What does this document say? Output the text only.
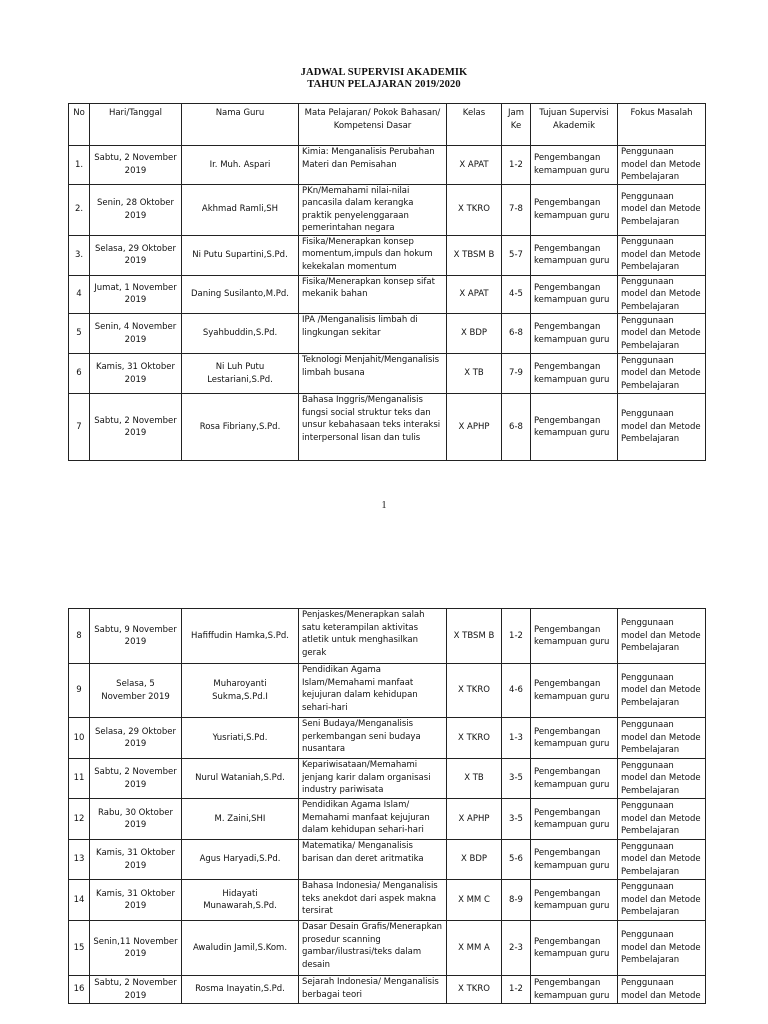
JADWAL SUPERVISI AKADEMIK
TAHUN PELAJARAN 2019/2020
No	Hari/Tanggal	Nama Guru	Mata Pelajaran/ Pokok Bahasan/ Kompetensi Dasar	Kelas	Jam Ke	Tujuan Supervisi Akademik	Fokus Masalah
1.	Sabtu, 2 November 2019	Ir. Muh. Aspari	Kimia: Menganalisis Perubahan Materi dan Pemisahan	X APAT	1-2	Pengembangan kemampuan guru	Penggunaan model dan Metode Pembelajaran
2.	Senin, 28 Oktober 2019	Akhmad Ramli,SH	PKn/Memahami nilai-nilai pancasila dalam kerangka praktik penyelenggaraan pemerintahan negara	X TKRO	7-8	Pengembangan kemampuan guru	Penggunaan model dan Metode Pembelajaran
3.	Selasa, 29 Oktober 2019	Ni Putu Supartini,S.Pd.	Fisika/Menerapkan konsep momentum,impuls dan hokum kekekalan momentum	X TBSM B	5-7	Pengembangan kemampuan guru	Penggunaan model dan Metode Pembelajaran
4	Jumat, 1 November 2019	Daning Susilanto,M.Pd.	Fisika/Menerapkan konsep sifat mekanik bahan	X APAT	4-5	Pengembangan kemampuan guru	Penggunaan model dan Metode Pembelajaran
5	Senin, 4 November 2019	Syahbuddin,S.Pd.	IPA /Menganalisis limbah di lingkungan sekitar	X BDP	6-8	Pengembangan kemampuan guru	Penggunaan model dan Metode Pembelajaran
6	Kamis, 31 Oktober 2019	Ni Luh Putu Lestariani,S.Pd.	Teknologi Menjahit/Menganalisis limbah busana	X TB	7-9	Pengembangan kemampuan guru	Penggunaan model dan Metode Pembelajaran
7	Sabtu, 2 November 2019	Rosa Fibriany,S.Pd.	Bahasa Inggris/Menganalisis fungsi social struktur teks dan unsur kebahasaan teks interaksi interpersonal lisan dan tulis	X APHP	6-8	Pengembangan kemampuan guru	Penggunaan model dan Metode Pembelajaran
1
8	Sabtu, 9 November 2019	Hafiffudin Hamka,S.Pd.	Penjaskes/Menerapkan salah satu keterampilan aktivitas atletik untuk menghasilkan gerak	X TBSM B	1-2	Pengembangan kemampuan guru	Penggunaan model dan Metode Pembelajaran
9	Selasa, 5 November 2019	Muharoyanti Sukma,S.Pd.I	Pendidikan Agama Islam/Memahami manfaat kejujuran dalam kehidupan sehari-hari	X TKRO	4-6	Pengembangan kemampuan guru	Penggunaan model dan Metode Pembelajaran
10	Selasa, 29 Oktober 2019	Yusriati,S.Pd.	Seni Budaya/Menganalisis perkembangan seni budaya nusantara	X TKRO	1-3	Pengembangan kemampuan guru	Penggunaan model dan Metode Pembelajaran
11	Sabtu, 2 November 2019	Nurul Wataniah,S.Pd.	Kepariwisataan/Memahami jenjang karir dalam organisasi industry pariwisata	X TB	3-5	Pengembangan kemampuan guru	Penggunaan model dan Metode Pembelajaran
12	Rabu, 30 Oktober 2019	M. Zaini,SHI	Pendidikan Agama Islam/ Memahami manfaat kejujuran dalam kehidupan sehari-hari	X APHP	3-5	Pengembangan kemampuan guru	Penggunaan model dan Metode Pembelajaran
13	Kamis, 31 Oktober 2019	Agus Haryadi,S.Pd.	Matematika/ Menganalisis barisan dan deret aritmatika	X BDP	5-6	Pengembangan kemampuan guru	Penggunaan model dan Metode Pembelajaran
14	Kamis, 31 Oktober 2019	Hidayati Munawarah,S.Pd.	Bahasa Indonesia/ Menganalisis teks anekdot dari aspek makna tersirat	X MM C	8-9	Pengembangan kemampuan guru	Penggunaan model dan Metode Pembelajaran
15	Senin,11 November 2019	Awaludin Jamil,S.Kom.	Dasar Desain Grafis/Menerapkan prosedur scanning gambar/ilustrasi/teks dalam desain	X MM A	2-3	Pengembangan kemampuan guru	Penggunaan model dan Metode Pembelajaran
16	Sabtu, 2 November 2019	Rosma Inayatin,S.Pd.	Sejarah Indonesia/ Menganalisis berbagai teori	X TKRO	1-2	Pengembangan kemampuan guru	Penggunaan model dan Metode
